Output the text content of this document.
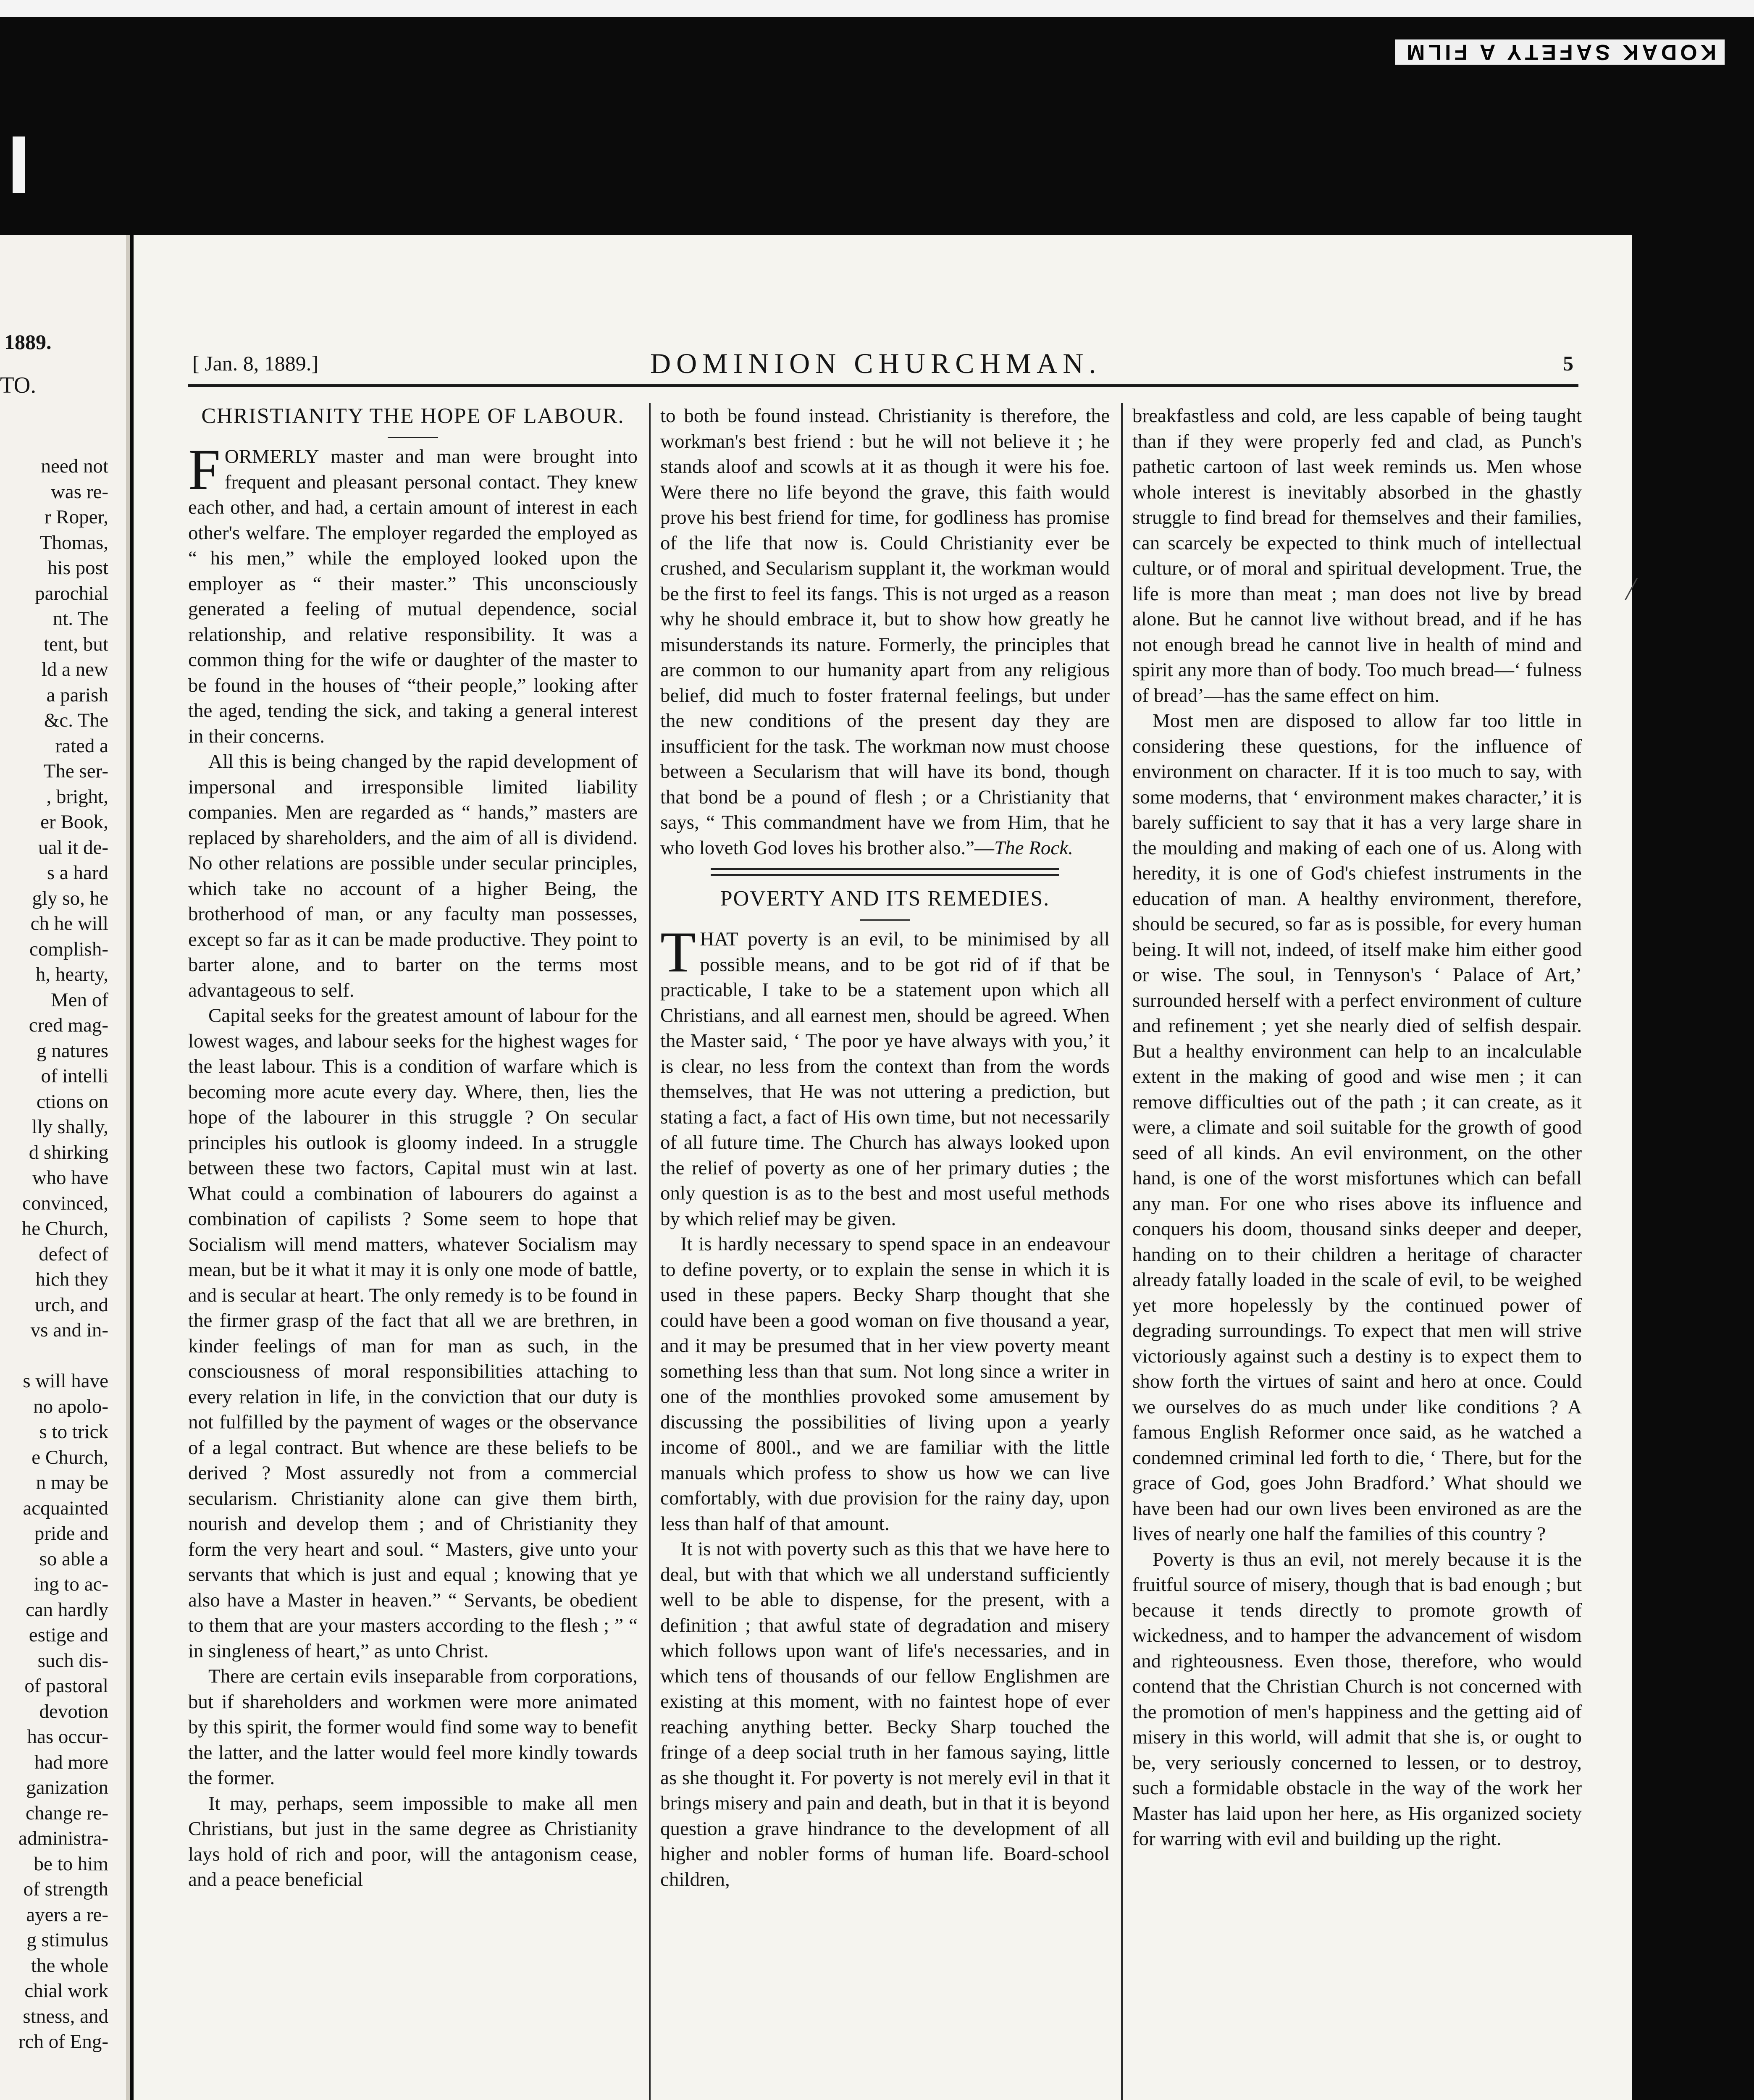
KODAK SAFETY A FILM
1889.
TO.
need not
was re-
r Roper,
Thomas,
his post
parochial
nt. The
tent, but
ld a new
a parish
&c. The
rated a
The ser-
, bright,
er Book,
ual it de-
s a hard
gly so, he
ch he will
complish-
h, hearty,
Men of
cred mag-
g natures
of intelli
ctions on
lly shally,
d shirking
who have
convinced,
he Church,
defect of
hich they
urch, and
vs and in-
s will have
no apolo-
s to trick
e Church,
n may be
acquainted
pride and
so able a
ing to ac-
can hardly
estige and
such dis-
of pastoral
devotion
has occur-
had more
ganization
change re-
administra-
be to him
of strength
ayers a re-
g stimulus
the whole
chial work
stness, and
rch of Eng-
[ Jan. 8, 1889.]	DOMINION CHURCHMAN.	5
CHRISTIANITY THE HOPE OF LABOUR.

FORMERLY master and man were brought into frequent and pleasant personal contact. They knew each other, and had, a certain amount of interest in each other's welfare. The employer regarded the employed as “ his men,” while the employed looked upon the employer as “ their master.” This unconsciously generated a feeling of mutual dependence, social relationship, and relative responsibility. It was a common thing for the wife or daughter of the master to be found in the houses of “their people,” looking after the aged, tending the sick, and taking a general interest in their concerns.

All this is being changed by the rapid development of impersonal and irresponsible limited liability companies. Men are regarded as “ hands,” masters are replaced by shareholders, and the aim of all is dividend. No other relations are possible under secular principles, which take no account of a higher Being, the brotherhood of man, or any faculty man possesses, except so far as it can be made productive. They point to barter alone, and to barter on the terms most advantageous to self.

Capital seeks for the greatest amount of labour for the lowest wages, and labour seeks for the highest wages for the least labour. This is a condition of warfare which is becoming more acute every day. Where, then, lies the hope of the labourer in this struggle ? On secular principles his outlook is gloomy indeed. In a struggle between these two factors, Capital must win at last. What could a combination of labourers do against a combination of capilists ? Some seem to hope that Socialism will mend matters, whatever Socialism may mean, but be it what it may it is only one mode of battle, and is secular at heart. The only remedy is to be found in the firmer grasp of the fact that all we are brethren, in kinder feelings of man for man as such, in the consciousness of moral responsibilities attaching to every relation in life, in the conviction that our duty is not fulfilled by the payment of wages or the observance of a legal contract. But whence are these beliefs to be derived ? Most assuredly not from a commercial secularism. Christianity alone can give them birth, nourish and develop them ; and of Christianity they form the very heart and soul. “ Masters, give unto your servants that which is just and equal ; knowing that ye also have a Master in heaven.” “ Servants, be obedient to them that are your masters according to the flesh ; ” “ in singleness of heart,” as unto Christ.

There are certain evils inseparable from corporations, but if shareholders and workmen were more animated by this spirit, the former would find some way to benefit the latter, and the latter would feel more kindly towards the former.

It may, perhaps, seem impossible to make all men Christians, but just in the same degree as Christianity lays hold of rich and poor, will the antagonism cease, and a peace beneficial

to both be found instead. Christianity is therefore, the workman's best friend : but he will not believe it ; he stands aloof and scowls at it as though it were his foe. Were there no life beyond the grave, this faith would prove his best friend for time, for godliness has promise of the life that now is. Could Christianity ever be crushed, and Secularism supplant it, the workman would be the first to feel its fangs. This is not urged as a reason why he should embrace it, but to show how greatly he misunderstands its nature. Formerly, the principles that are common to our humanity apart from any religious belief, did much to foster fraternal feelings, but under the new conditions of the present day they are insufficient for the task. The workman now must choose between a Secularism that will have its bond, though that bond be a pound of flesh ; or a Christianity that says, “ This commandment have we from Him, that he who loveth God loves his brother also.”—The Rock.

POVERTY AND ITS REMEDIES.

THAT poverty is an evil, to be minimised by all possible means, and to be got rid of if that be practicable, I take to be a statement upon which all Christians, and all earnest men, should be agreed. When the Master said, ‘ The poor ye have always with you,’ it is clear, no less from the context than from the words themselves, that He was not uttering a prediction, but stating a fact, a fact of His own time, but not necessarily of all future time. The Church has always looked upon the relief of poverty as one of her primary duties ; the only question is as to the best and most useful methods by which relief may be given.

It is hardly necessary to spend space in an endeavour to define poverty, or to explain the sense in which it is used in these papers. Becky Sharp thought that she could have been a good woman on five thousand a year, and it may be presumed that in her view poverty meant something less than that sum. Not long since a writer in one of the monthlies provoked some amusement by discussing the possibilities of living upon a yearly income of 800l., and we are familiar with the little manuals which profess to show us how we can live comfortably, with due provision for the rainy day, upon less than half of that amount.

It is not with poverty such as this that we have here to deal, but with that which we all understand sufficiently well to be able to dispense, for the present, with a definition ; that awful state of degradation and misery which follows upon want of life's necessaries, and in which tens of thousands of our fellow Englishmen are existing at this moment, with no faintest hope of ever reaching anything better. Becky Sharp touched the fringe of a deep social truth in her famous saying, little as she thought it. For poverty is not merely evil in that it brings misery and pain and death, but in that it is beyond question a grave hindrance to the development of all higher and nobler forms of human life. Board-school children,

breakfastless and cold, are less capable of being taught than if they were properly fed and clad, as Punch's pathetic cartoon of last week reminds us. Men whose whole interest is inevitably absorbed in the ghastly struggle to find bread for themselves and their families, can scarcely be expected to think much of intellectual culture, or of moral and spiritual development. True, the life is more than meat ; man does not live by bread alone. But he cannot live without bread, and if he has not enough bread he cannot live in health of mind and spirit any more than of body. Too much bread—‘ fulness of bread’—has the same effect on him.

Most men are disposed to allow far too little in considering these questions, for the influence of environment on character. If it is too much to say, with some moderns, that ‘ environment makes character,’ it is barely sufficient to say that it has a very large share in the moulding and making of each one of us. Along with heredity, it is one of God's chiefest instruments in the education of man. A healthy environment, therefore, should be secured, so far as is possible, for every human being. It will not, indeed, of itself make him either good or wise. The soul, in Tennyson's ‘ Palace of Art,’ surrounded herself with a perfect environment of culture and refinement ; yet she nearly died of selfish despair. But a healthy environment can help to an incalculable extent in the making of good and wise men ; it can remove difficulties out of the path ; it can create, as it were, a climate and soil suitable for the growth of good seed of all kinds. An evil environment, on the other hand, is one of the worst misfortunes which can befall any man. For one who rises above its influence and conquers his doom, thousand sinks deeper and deeper, handing on to their children a heritage of character already fatally loaded in the scale of evil, to be weighed yet more hopelessly by the continued power of degrading surroundings. To expect that men will strive victoriously against such a destiny is to expect them to show forth the virtues of saint and hero at once. Could we ourselves do as much under like conditions ? A famous English Reformer once said, as he watched a condemned criminal led forth to die, ‘ There, but for the grace of God, goes John Bradford.’ What should we have been had our own lives been environed as are the lives of nearly one half the families of this country ?

Poverty is thus an evil, not merely because it is the fruitful source of misery, though that is bad enough ; but because it tends directly to promote growth of wickedness, and to hamper the advancement of wisdom and righteousness. Even those, therefore, who would contend that the Christian Church is not concerned with the promotion of men's happiness and the getting aid of misery in this world, will admit that she is, or ought to be, very seriously concerned to lessen, or to destroy, such a formidable obstacle in the way of the work her Master has laid upon her here, as His organized society for warring with evil and building up the right.

⟋
